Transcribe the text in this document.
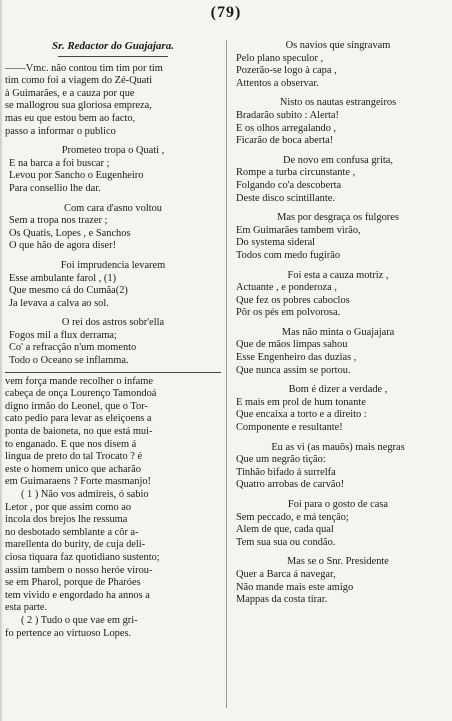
(79)
Sr. Redactor do Guajajara.
——Vmc. não contou tim tim por tim
tim como foi a viagem do Zé-Quati
à Guimarães, e a cauza por que
se mallogrou sua gloriosa empreza,
mas eu que estou bem ao facto,
passo a informar o publico
Prometeo tropa o Quati ,
E na barca a foi buscar ;
Levou por Sancho o Eugenheiro
Para consellio lhe dar.
Com cara d'asno voltou
Sem a tropa nos trazer ;
Os Quatis, Lopes , e Sanchos
O que hão de agora diser!
Foi imprudencia levarem
Esse ambulante farol , (1)
Que mesmo cá do Cumãa(2)
Ja levava a calva ao sol.
O rei dos astros sobr'ella
Fogos mil a flux derrama;
Co' a refracção n'um momento
Todo o Oceano se inflamma.
vem força mande recolher o infame
cabeça de onça Lourenço Tamondoá
digno irmão do Leonel, que o Tor-
cato pedio para levar as eleiçoens a
ponta de baioneta, no que está mui-
to enganado. E que nos disem á
lingua de preto do tal Trocato ? é
este o homem unico que acharão
em Guimaraens ? Forte masmanjo!
( 1 ) Não vos admireis, ó sabio
Letor , por que assim como ao
incola dos brejos lhe ressuma
no desbotado semblante a côr a-
marellenta do burity, de cuja deli-
ciosa tiquara faz quotidiano sustento;
assim tambem o nosso heróe virou-
se em Pharol, porque de Pharóes
tem vivido e engordado ha annos a
esta parte.
( 2 ) Tudo o que vae em gri-
fo pertence ao virtuoso Lopes.
Os navios que singravam
Pelo plano speculor ,
Pozerão-se logo à capa ,
Attentos a observar.
Nisto os nautas estrangeiros
Bradarão subito : Alerta!
E os olhos arregalando ,
Ficarão de boca aberta!
De novo em confusa grita,
Rompe a turba circunstante ,
Folgando co'a descoberta
Deste disco scintillante.
Mas por desgraça os fulgores
Em Guimarães tambem virão,
Do systema sideral
Todos com medo fugirão
Foi esta a cauza motriz ,
Actuante , e ponderoza ,
Que fez os pobres caboclos
Pôr os pés em polvorosa.
Mas não minta o Guajajara
Que de mãos limpas sahou
Esse Engenheiro das duzias ,
Que nunca assim se portou.
Bom é dizer a verdade ,
E mais em prol de hum tonante
Que encaixa a torto e a direito :
Componente e resultante!
Eu as vi (as mauõs) mais negras
Que um negrão tição:
Tinhão bifado á surrelfa
Quatro arrobas de carvão!
Foi para o gosto de casa
Sem peccado, e má tenção;
Alem de que, cada qual
Tem sua sua ou condão.
Mas se o Snr. Presidente
Quer a Barca á navegar,
Não mande mais este amigo
Mappas da costa tirar.
